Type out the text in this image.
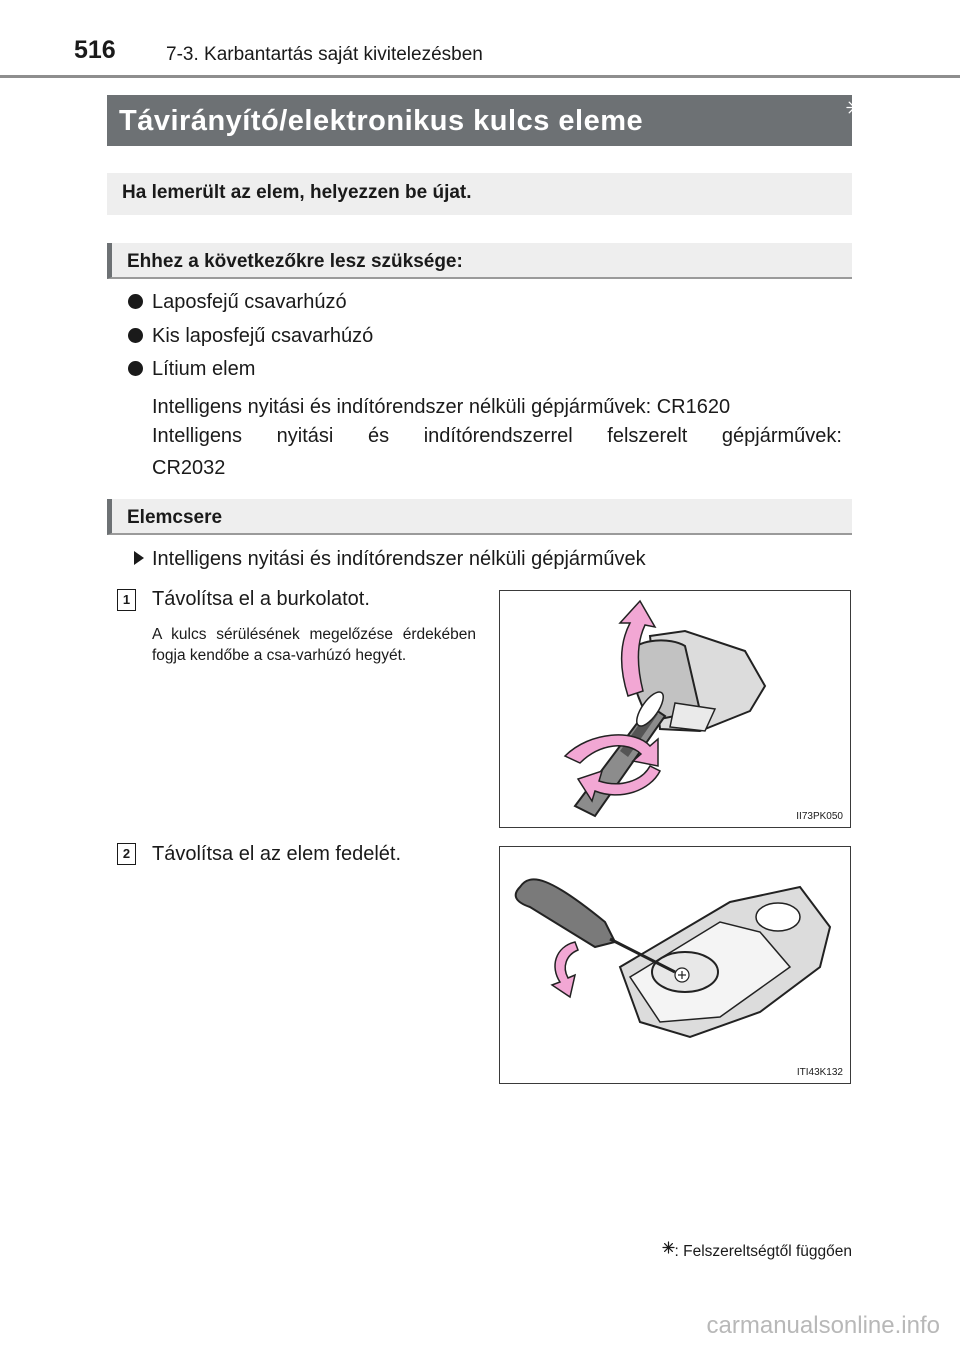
516	7-3. Karbantartás saját kivitelezésben
Távirányító/elektronikus kulcs eleme
Ha lemerült az elem, helyezzen be újat.
Ehhez a következőkre lesz szüksége:
Laposfejű csavarhúzó
Kis laposfejű csavarhúzó
Lítium elem
Intelligens nyitási és indítórendszer nélküli gépjárművek: CR1620
Intelligens nyitási és indítórendszerrel felszerelt gépjárművek:
CR2032
Elemcsere
Intelligens nyitási és indítórendszer nélküli gépjárművek
1 Távolítsa el a burkolatot.
A kulcs sérülésének megelőzése érdekében fogja kendőbe a csa-varhúzó hegyét.
II73PK050
2 Távolítsa el az elem fedelét.
ITI43K132
: Felszereltségtől függően
carmanualsonline.info
